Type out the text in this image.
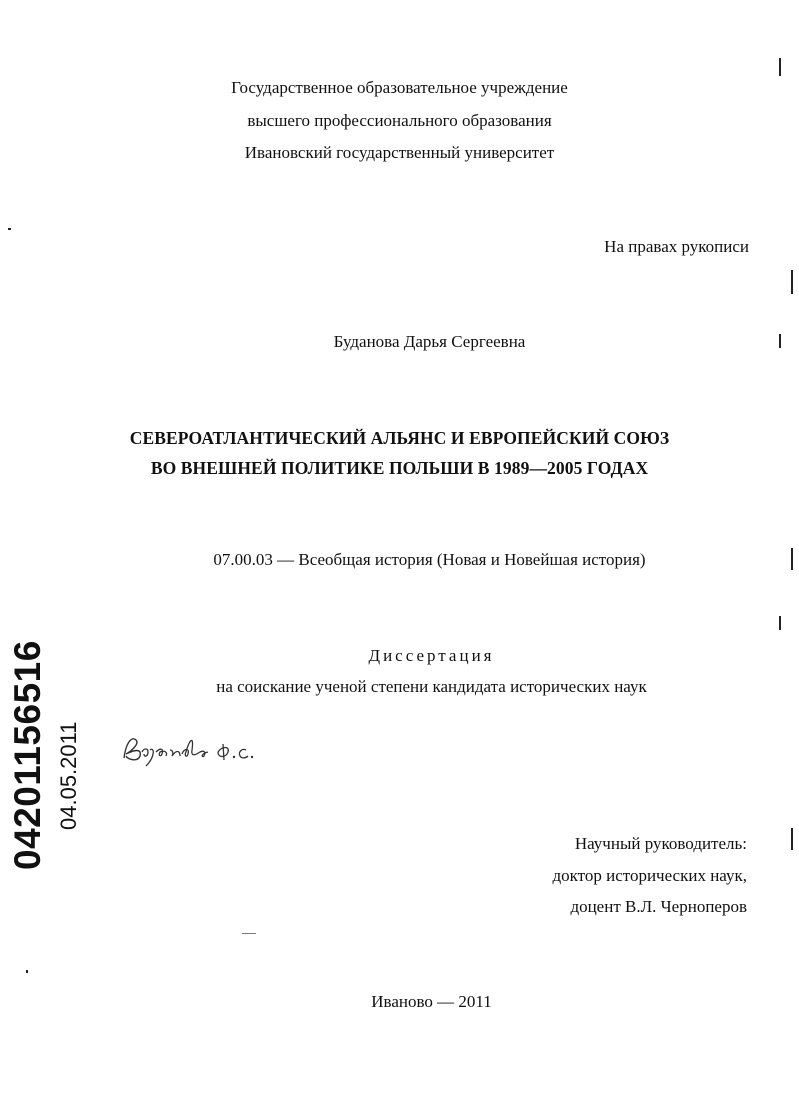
Государственное образовательное учреждение
высшего профессионального образования
Ивановский государственный университет
На правах рукописи
Буданова Дарья Сергеевна
СЕВЕРОАТЛАНТИЧЕСКИЙ АЛЬЯНС И ЕВРОПЕЙСКИЙ СОЮЗ
ВО ВНЕШНЕЙ ПОЛИТИКЕ ПОЛЬШИ В 1989—2005 ГОДАХ
07.00.03 — Всеобщая история (Новая и Новейшая история)
Диссертация
на соискание ученой степени кандидата исторических наук
Научный руководитель:
доктор исторических наук,
доцент В.Л. Черноперов
Иваново — 2011
04201156516 04.05.2011
